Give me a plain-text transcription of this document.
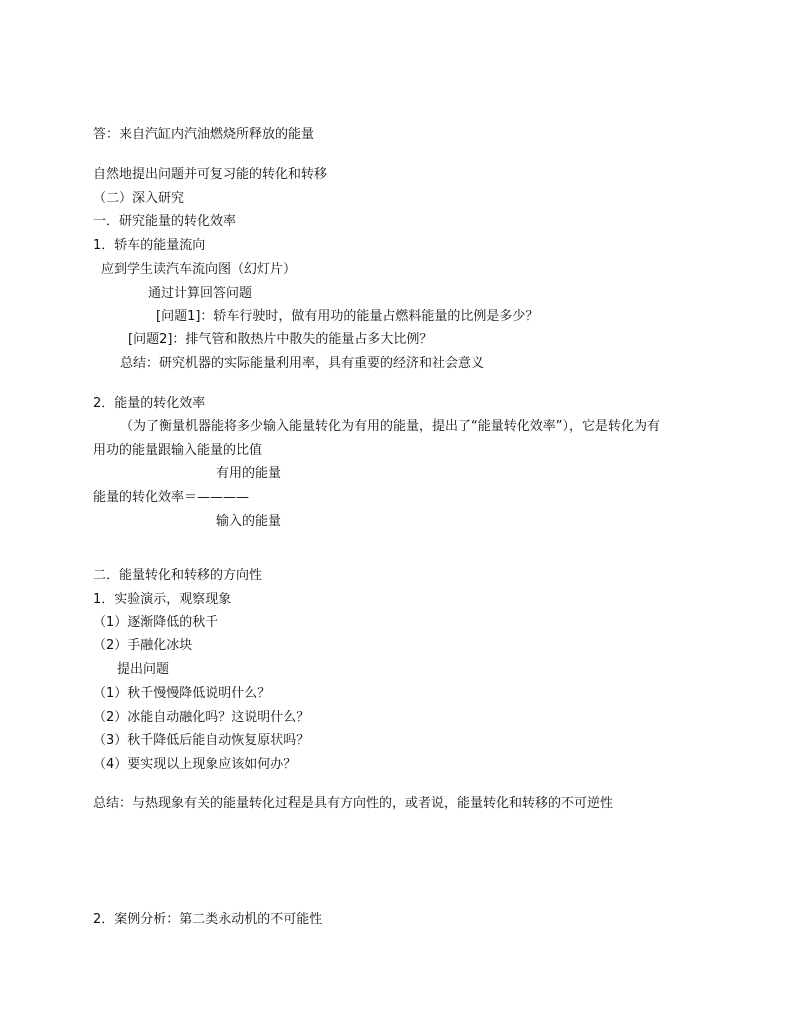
答：来自汽缸内汽油燃烧所释放的能量

自然地提出问题并可复习能的转化和转移

（二）深入研究

一．研究能量的转化效率

1．轿车的能量流向

应到学生读汽车流向图（幻灯片）

通过计算回答问题

[问题1]：轿车行驶时，做有用功的能量占燃料能量的比例是多少？

[问题2]：排气管和散热片中散失的能量占多大比例？

总结：研究机器的实际能量利用率，具有重要的经济和社会意义

2．能量的转化效率

（为了衡量机器能将多少输入能量转化为有用的能量，提出了“能量转化效率”），它是转化为有

用功的能量跟输入能量的比值

有用的能量

能量的转化效率＝————

输入的能量

二．能量转化和转移的方向性

1．实验演示，观察现象

（1）逐渐降低的秋千

（2）手融化冰块

提出问题

（1）秋千慢慢降低说明什么？

（2）冰能自动融化吗？这说明什么？

（3）秋千降低后能自动恢复原状吗？

（4）要实现以上现象应该如何办？

总结：与热现象有关的能量转化过程是具有方向性的，或者说，能量转化和转移的不可逆性

2．案例分析：第二类永动机的不可能性
